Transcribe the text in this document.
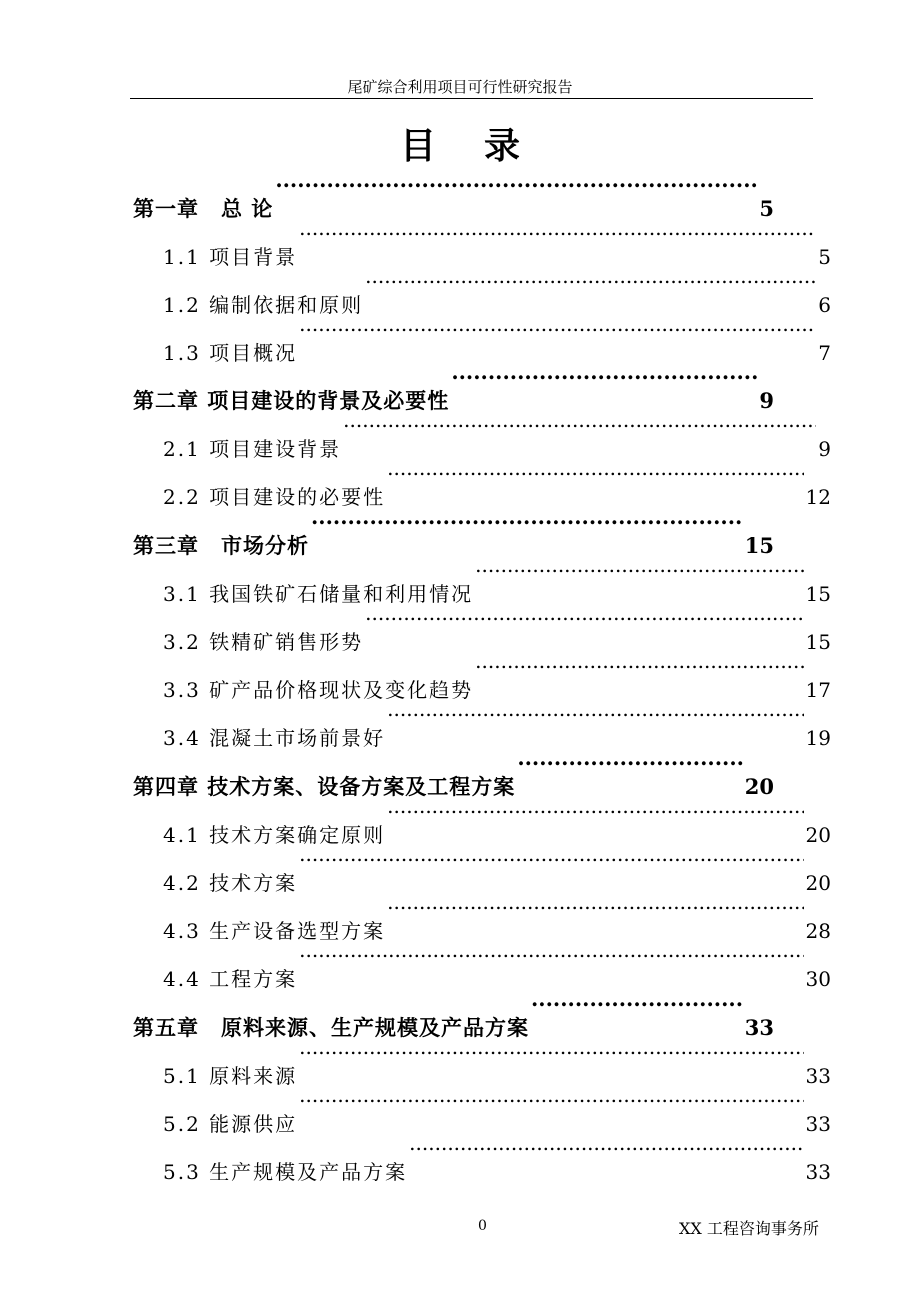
尾矿综合利用项目可行性研究报告
目录
第一章　总 论 .....	5
1.1 项目背景 .....	5
1.2 编制依据和原则 .....	6
1.3 项目概况 .....	7
第二章 项目建设的背景及必要性 .....	9
2.1 项目建设背景 .....	9
2.2 项目建设的必要性 .....	12
第三章　市场分析 .....	15
3.1 我国铁矿石储量和利用情况 .....	15
3.2 铁精矿销售形势 .....	15
3.3 矿产品价格现状及变化趋势 .....	17
3.4 混凝土市场前景好 .....	19
第四章 技术方案、设备方案及工程方案 .....	20
4.1 技术方案确定原则 .....	20
4.2 技术方案 .....	20
4.3 生产设备选型方案 .....	28
4.4 工程方案 .....	30
第五章　原料来源、生产规模及产品方案 .....	33
5.1 原料来源 .....	33
5.2 能源供应 .....	33
5.3 生产规模及产品方案 .....	33
0	XX 工程咨询事务所
